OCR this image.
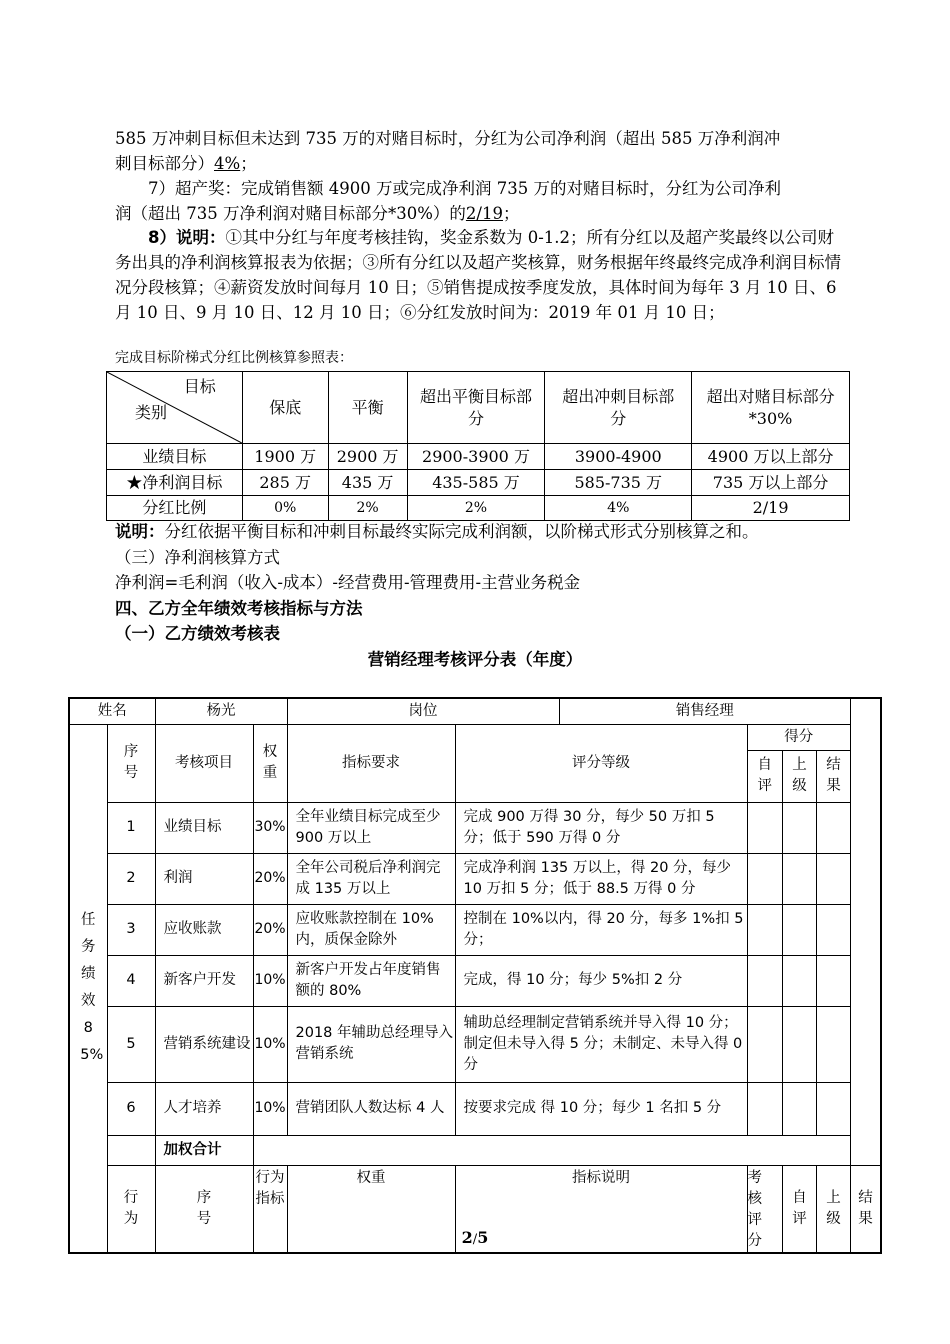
585 万冲刺目标但未达到 735 万的对赌目标时，分红为公司净利润（超出 585 万净利润冲
刺目标部分）4%；

7）超产奖：完成销售额 4900 万或完成净利润 735 万的对赌目标时，分红为公司净利
润（超出 735 万净利润对赌目标部分*30%）的2/19；

8）说明：①其中分红与年度考核挂钩，奖金系数为 0-1.2；所有分红以及超产奖最终以公司财务出具的净利润核算报表为依据；③所有分红以及超产奖核算，财务根据年终最终完成净利润目标情况分段核算；④薪资发放时间每月 10 日；⑤销售提成按季度发放，具体时间为每年 3 月 10 日、6 月 10 日、9 月 10 日、12 月 10 日；⑥分红发放时间为：2019 年 01 月 10 日；

完成目标阶梯式分红比例核算参照表：

目标
类别	保底	平衡	超出平衡目标部分	超出冲刺目标部分	超出对赌目标部分*30%
业绩目标	1900 万	2900 万	2900-3900 万	3900-4900	4900 万以上部分
★净利润目标	285 万	435 万	435-585 万	585-735 万	735 万以上部分
分红比例	0%	2%	2%	4%	2/19

说明：分红依据平衡目标和冲刺目标最终实际完成利润额，以阶梯式形式分别核算之和。

（三）净利润核算方式

净利润=毛利润（收入-成本）-经营费用-管理费用-主营业务税金

四、乙方全年绩效考核指标与方法

（一）乙方绩效考核表

营销经理考核评分表（年度）

姓名		杨光		岗位		销售经理				

任务绩效85%	序号	考核项目	权重	指标要求	评分等级		得分			

							自评	上级	结果	

	1	业绩目标	30%	全年业绩目标完成至少 900 万以上	完成 900 万得 30 分，每少 50 万扣 5 分；低于 590 万得 0 分					
	2	利润	20%	全年公司税后净利润完成 135 万以上	完成净利润 135 万以上，得 20 分，每少 10 万扣 5 分；低于 88.5 万得 0 分					
	3	应收账款	20%	应收账款控制在 10%内，质保金除外	控制在 10%以内，得 20 分，每多 1%扣 5 分；					
	4	新客户开发	10%	新客户开发占年度销售额的 80%	完成，得 10 分；每少 5%扣 2 分					
	5	营销系统建设	10%	2018 年辅助总经理导入营销系统	辅助总经理制定营销系统并导入得 10 分；制定但未导入得 5 分；未制定、未导入得 0 分					
	6	人才培养	10%	营销团队人数达标 4 人	按要求完成 得 10 分；每少 1 名扣 5 分					
		加权合计								

	行为	序号	行为指标	权重	指标说明		考核评分	自评	上级	结果
2/5
